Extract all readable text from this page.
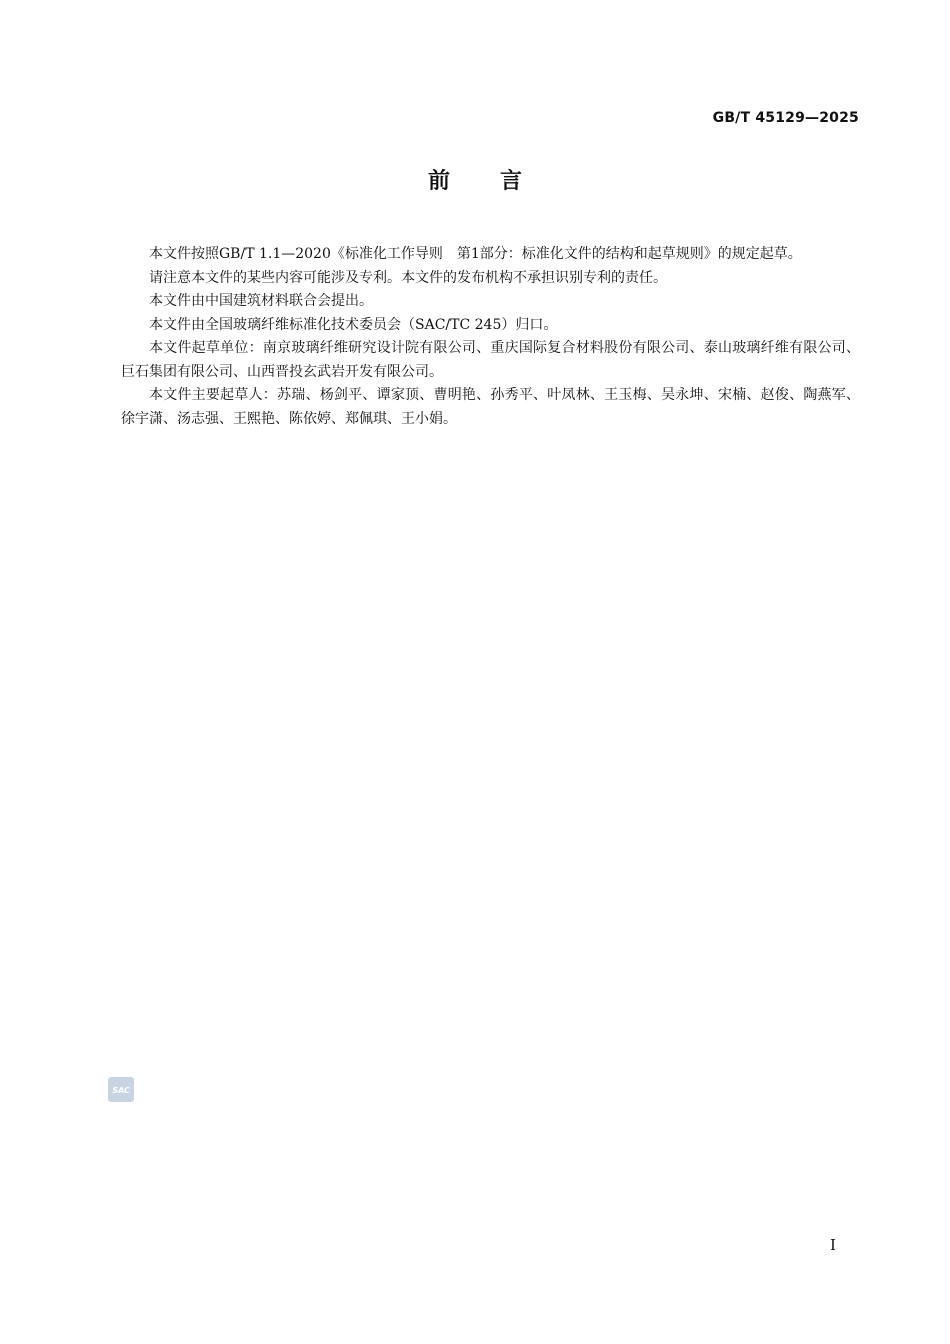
GB/T 45129—2025
前言

本文件按照GB/T 1.1—2020《标准化工作导则　第1部分：标准化文件的结构和起草规则》的规定起草。

请注意本文件的某些内容可能涉及专利。本文件的发布机构不承担识别专利的责任。

本文件由中国建筑材料联合会提出。

本文件由全国玻璃纤维标准化技术委员会（SAC/TC 245）归口。

本文件起草单位：南京玻璃纤维研究设计院有限公司、重庆国际复合材料股份有限公司、泰山玻璃纤维有限公司、巨石集团有限公司、山西晋投玄武岩开发有限公司。

本文件主要起草人：苏瑞、杨剑平、谭家顶、曹明艳、孙秀平、叶凤林、王玉梅、吴永坤、宋楠、赵俊、陶燕军、徐宇潇、汤志强、王熙艳、陈依婷、郑佩琪、王小娟。

SAC
I
